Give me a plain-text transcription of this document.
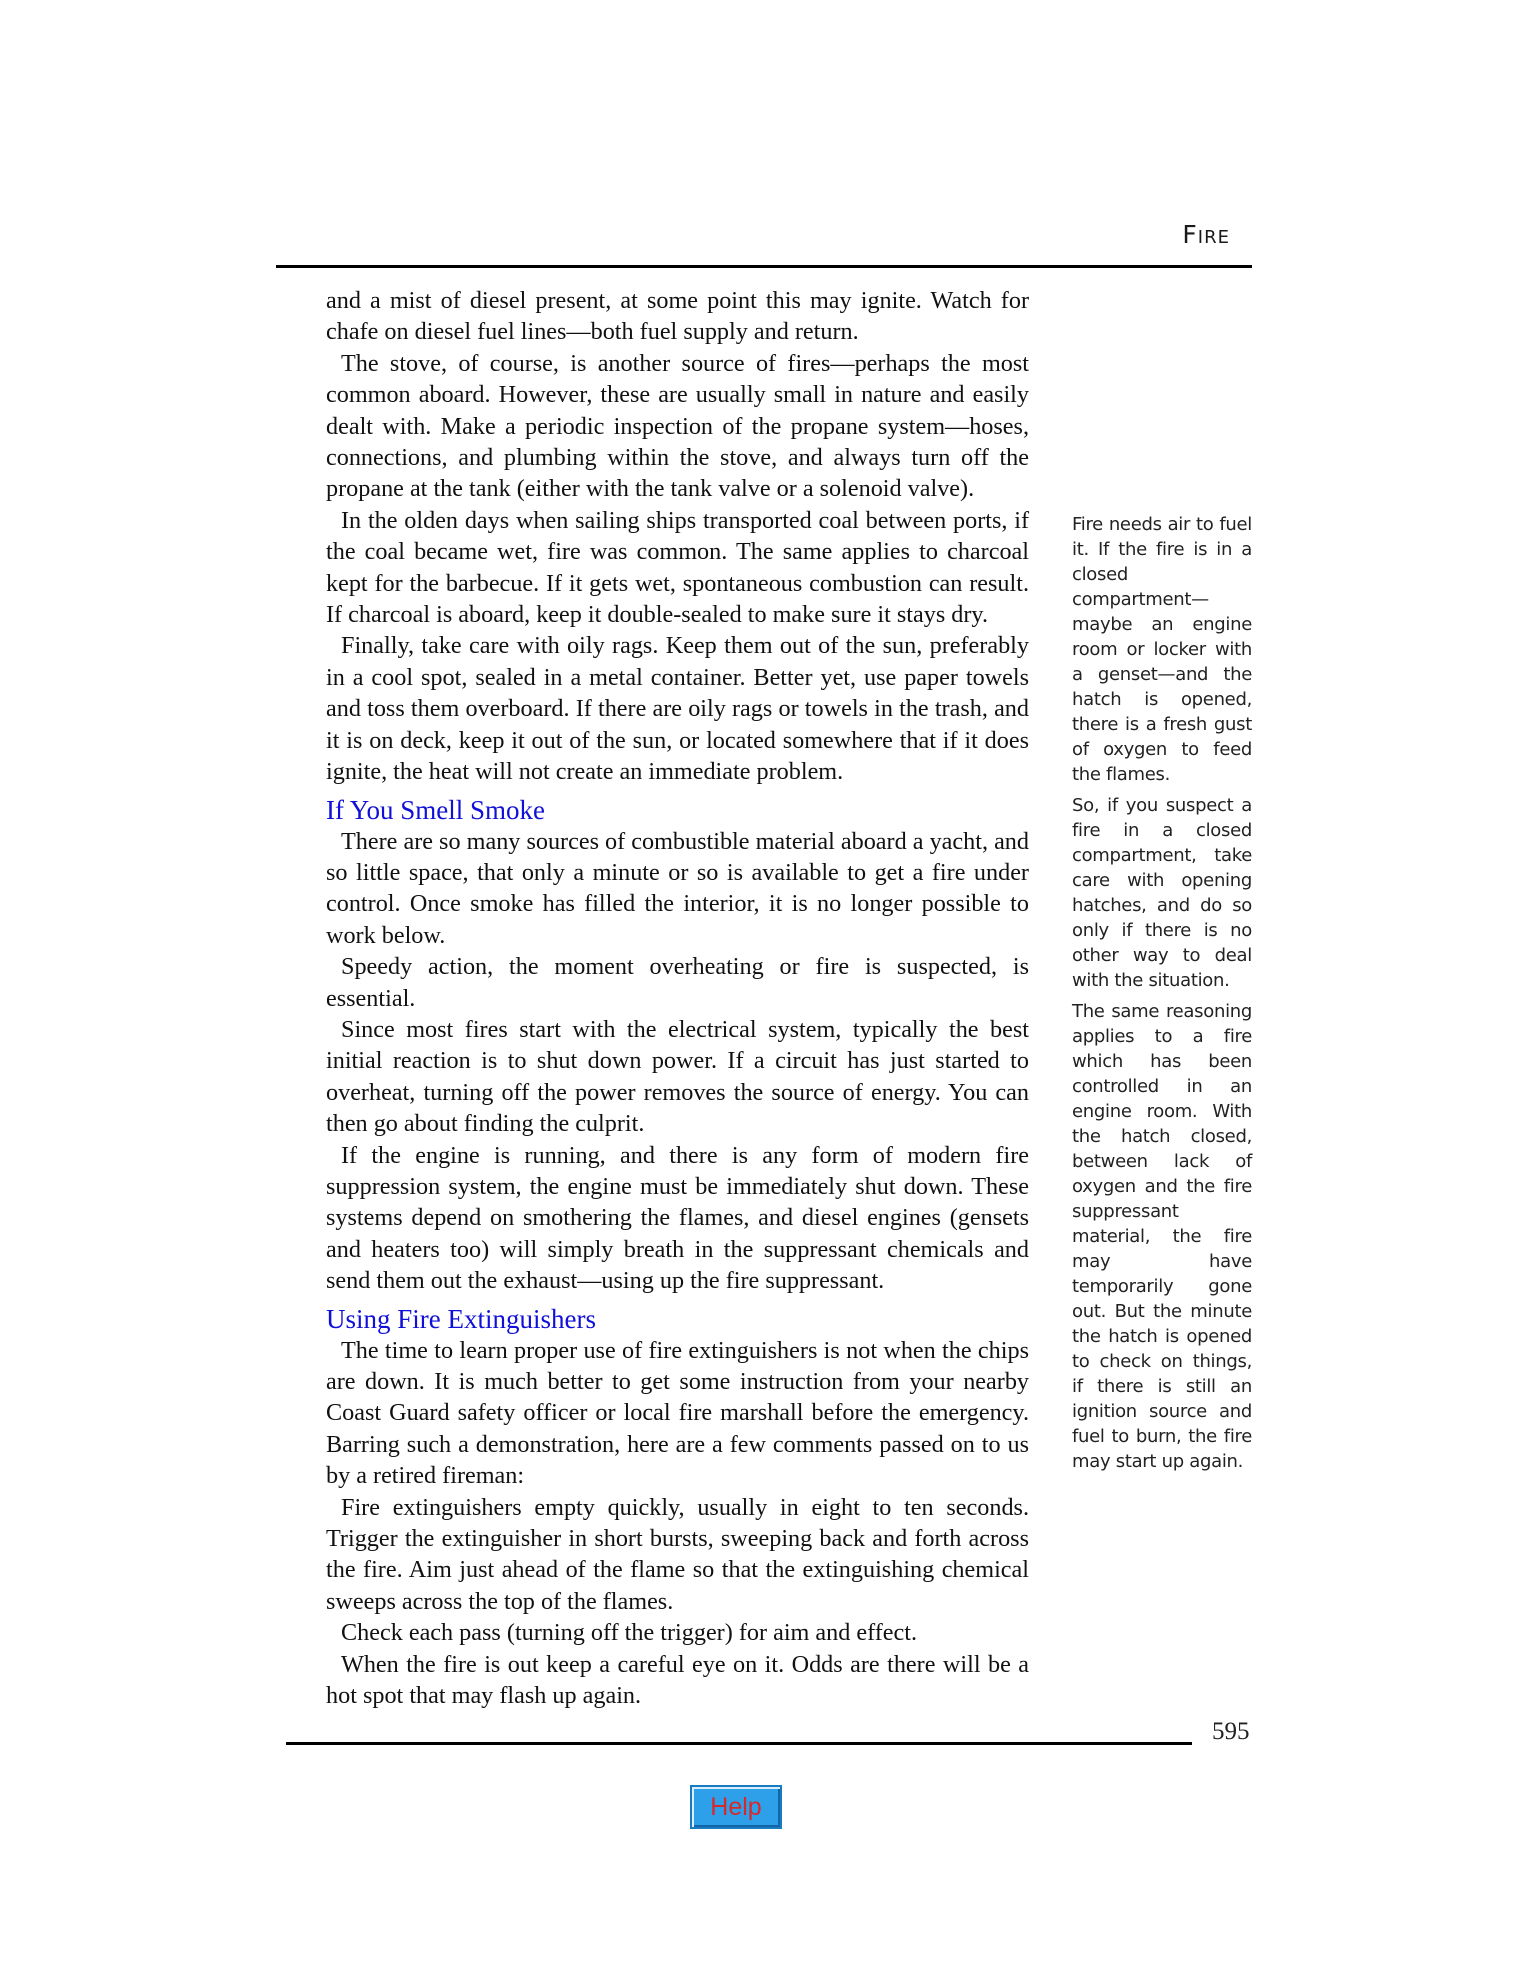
Fire

and a mist of diesel present, at some point this may ignite. Watch for chafe on diesel fuel lines—both fuel supply and return.

The stove, of course, is another source of fires—perhaps the most common aboard. However, these are usually small in nature and easily dealt with. Make a periodic inspection of the propane system—hoses, connections, and plumbing within the stove, and always turn off the propane at the tank (either with the tank valve or a solenoid valve).

In the olden days when sailing ships transported coal between ports, if the coal became wet, fire was common. The same applies to charcoal kept for the barbecue. If it gets wet, spontaneous combustion can result. If charcoal is aboard, keep it double-sealed to make sure it stays dry.

Finally, take care with oily rags. Keep them out of the sun, preferably in a cool spot, sealed in a metal container. Better yet, use paper towels and toss them overboard. If there are oily rags or towels in the trash, and it is on deck, keep it out of the sun, or located somewhere that if it does ignite, the heat will not create an immediate problem.

If You Smell Smoke

There are so many sources of combustible material aboard a yacht, and so little space, that only a minute or so is available to get a fire under control. Once smoke has filled the interior, it is no longer possible to work below.

Speedy action, the moment overheating or fire is suspected, is essential.

Since most fires start with the electrical system, typically the best initial reaction is to shut down power. If a circuit has just started to overheat, turning off the power removes the source of energy. You can then go about finding the culprit.

If the engine is running, and there is any form of modern fire suppression system, the engine must be immediately shut down. These systems depend on smothering the flames, and diesel engines (gensets and heaters too) will simply breath in the suppressant chemicals and send them out the exhaust—using up the fire suppressant.

Using Fire Extinguishers

The time to learn proper use of fire extinguishers is not when the chips are down. It is much better to get some instruction from your nearby Coast Guard safety officer or local fire marshall before the emergency. Barring such a demonstration, here are a few comments passed on to us by a retired fireman:

Fire extinguishers empty quickly, usually in eight to ten seconds. Trigger the extinguisher in short bursts, sweeping back and forth across the fire. Aim just ahead of the flame so that the extinguishing chemical sweeps across the top of the flames.

Check each pass (turning off the trigger) for aim and effect.

When the fire is out keep a careful eye on it. Odds are there will be a hot spot that may flash up again.

Fire needs air to fuel it. If the fire is in a closed compartment—maybe an engine room or locker with a genset—and the hatch is opened, there is a fresh gust of oxygen to feed the flames.

So, if you suspect a fire in a closed compartment, take care with opening hatches, and do so only if there is no other way to deal with the situation.

The same reasoning applies to a fire which has been controlled in an engine room. With the hatch closed, between lack of oxygen and the fire suppressant material, the fire may have temporarily gone out. But the minute the hatch is opened to check on things, if there is still an ignition source and fuel to burn, the fire may start up again.

595
Help
